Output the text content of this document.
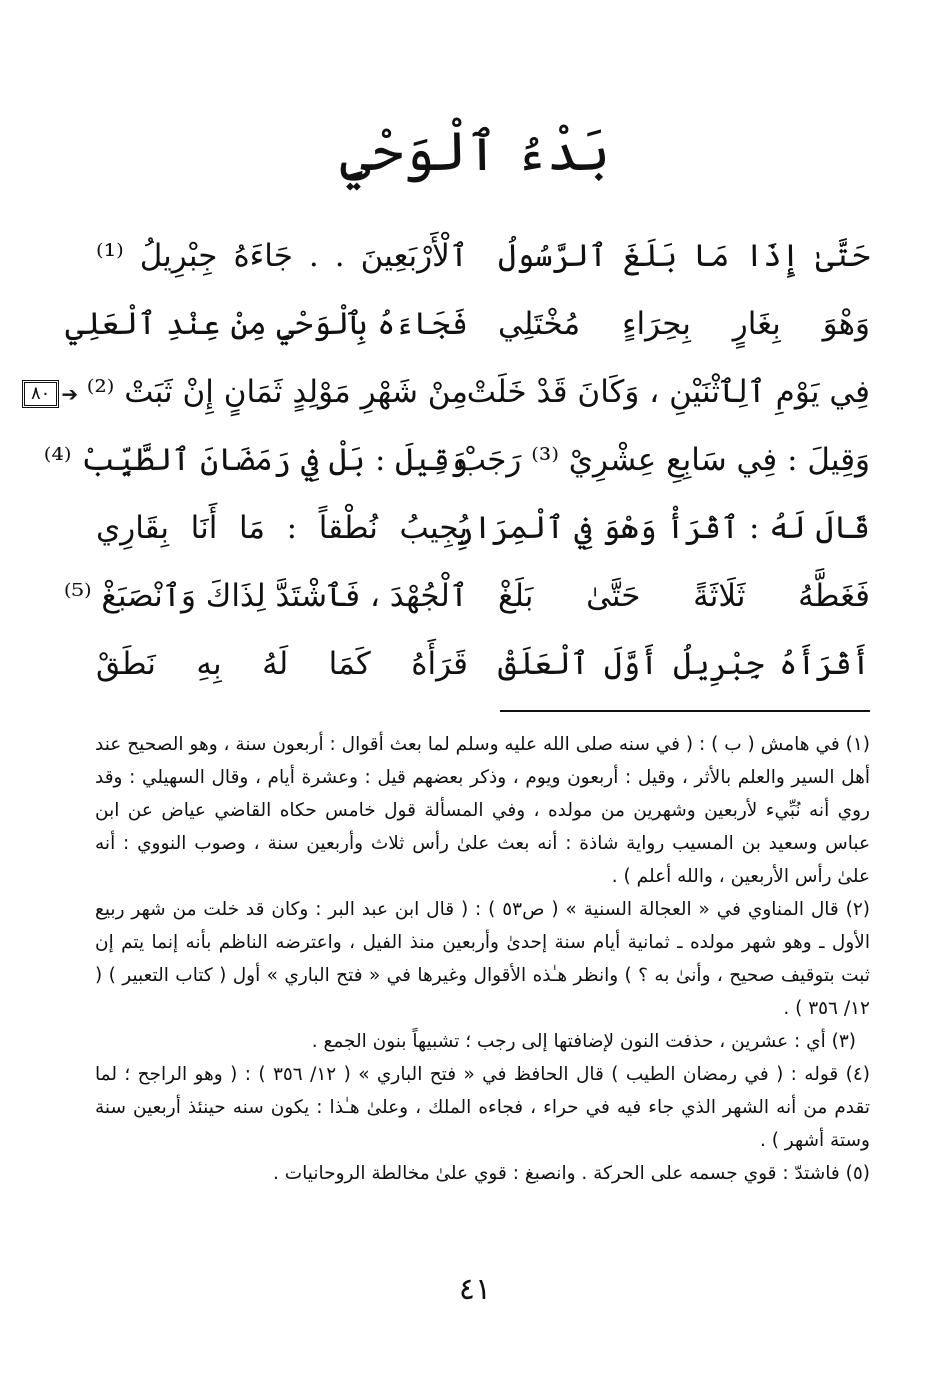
بَدْءُ ٱلْوَحْيِ
حَتَّىٰ إِذَا مَا بَلَغَ ٱلرَّسُولُ
ٱلْأَرْبَعِينَ . . جَاءَهُ جِبْرِيلُ ⁽¹⁾
وَهْوَ بِغَارٍ بِحِرَاءٍ مُخْتَلِي
فَجَاءَهُ بِٱلْوَحْيِ مِنْ عِنْدِ ٱلْعَلِي
فِي يَوْمِ ٱلِٱثْنَيْنِ ، وَكَانَ قَدْ خَلَتْ
مِنْ شَهْرِ مَوْلِدٍ ثَمَانٍ إِنْ ثَبَتْ ⁽²⁾
وَقِيلَ : فِي سَابِعِ عِشْرِيْ ⁽³⁾ رَجَبْ
وَقِيلَ : بَلْ فِي رَمَضَانَ ٱلطَّيِّبْ ⁽⁴⁾
قَالَ لَهُ : ٱقْرَأْ وَهْوَ فِي ٱلْمِرَارِ
يُجِيبُ نُطْقاً : مَا أَنَا بِقَارِي
فَغَطَّهُ ثَلَاثَةً حَتَّىٰ بَلَغْ
ٱلْجُهْدَ ، فَٱشْتَدَّ لِذَاكَ وَٱنْصَبَغْ ⁽⁵⁾
أَقْرَأَهُ جِبْرِيلُ أَوَّلَ ٱلْعَلَقْ
قَرَأَهُ كَمَا لَهُ بِهِ نَطَقْ
٨٠ ➔

(١) في هامش ( ب ) : ( في سنه صلى الله عليه وسلم لما بعث أقوال : أربعون سنة ، وهو الصحيح عند أهل السير والعلم بالأثر ، وقيل : أربعون ويوم ، وذكر بعضهم قيل : وعشرة أيام ، وقال السهيلي : وقد روي أنه نُبِّيء لأربعين وشهرين من مولده ، وفي المسألة قول خامس حكاه القاضي عياض عن ابن عباس وسعيد بن المسيب رواية شاذة : أنه بعث علىٰ رأس ثلاث وأربعين سنة ، وصوب النووي : أنه علىٰ رأس الأربعين ، والله أعلم ) .

(٢) قال المناوي في « العجالة السنية » ( ص٥٣ ) : ( قال ابن عبد البر : وكان قد خلت من شهر ربيع الأول ـ وهو شهر مولده ـ ثمانية أيام سنة إحدىٰ وأربعين منذ الفيل ، واعترضه الناظم بأنه إنما يتم إن ثبت بتوقيف صحيح ، وأنىٰ به ؟ ) وانظر هـٰذه الأقوال وغيرها في « فتح الباري » أول ( كتاب التعبير ) ( ١٢/ ٣٥٦ ) .

(٣) أي : عشرين ، حذفت النون لإضافتها إلى رجب ؛ تشبيهاً بنون الجمع .

(٤) قوله : ( في رمضان الطيب ) قال الحافظ في « فتح الباري » ( ١٢/ ٣٥٦ ) : ( وهو الراجح ؛ لما تقدم من أنه الشهر الذي جاء فيه في حراء ، فجاءه الملك ، وعلىٰ هـٰذا : يكون سنه حينئذ أربعين سنة وستة أشهر ) .

(٥) فاشتدّ : قوي جسمه على الحركة . وانصبغ : قوي علىٰ مخالطة الروحانيات .

٤١
